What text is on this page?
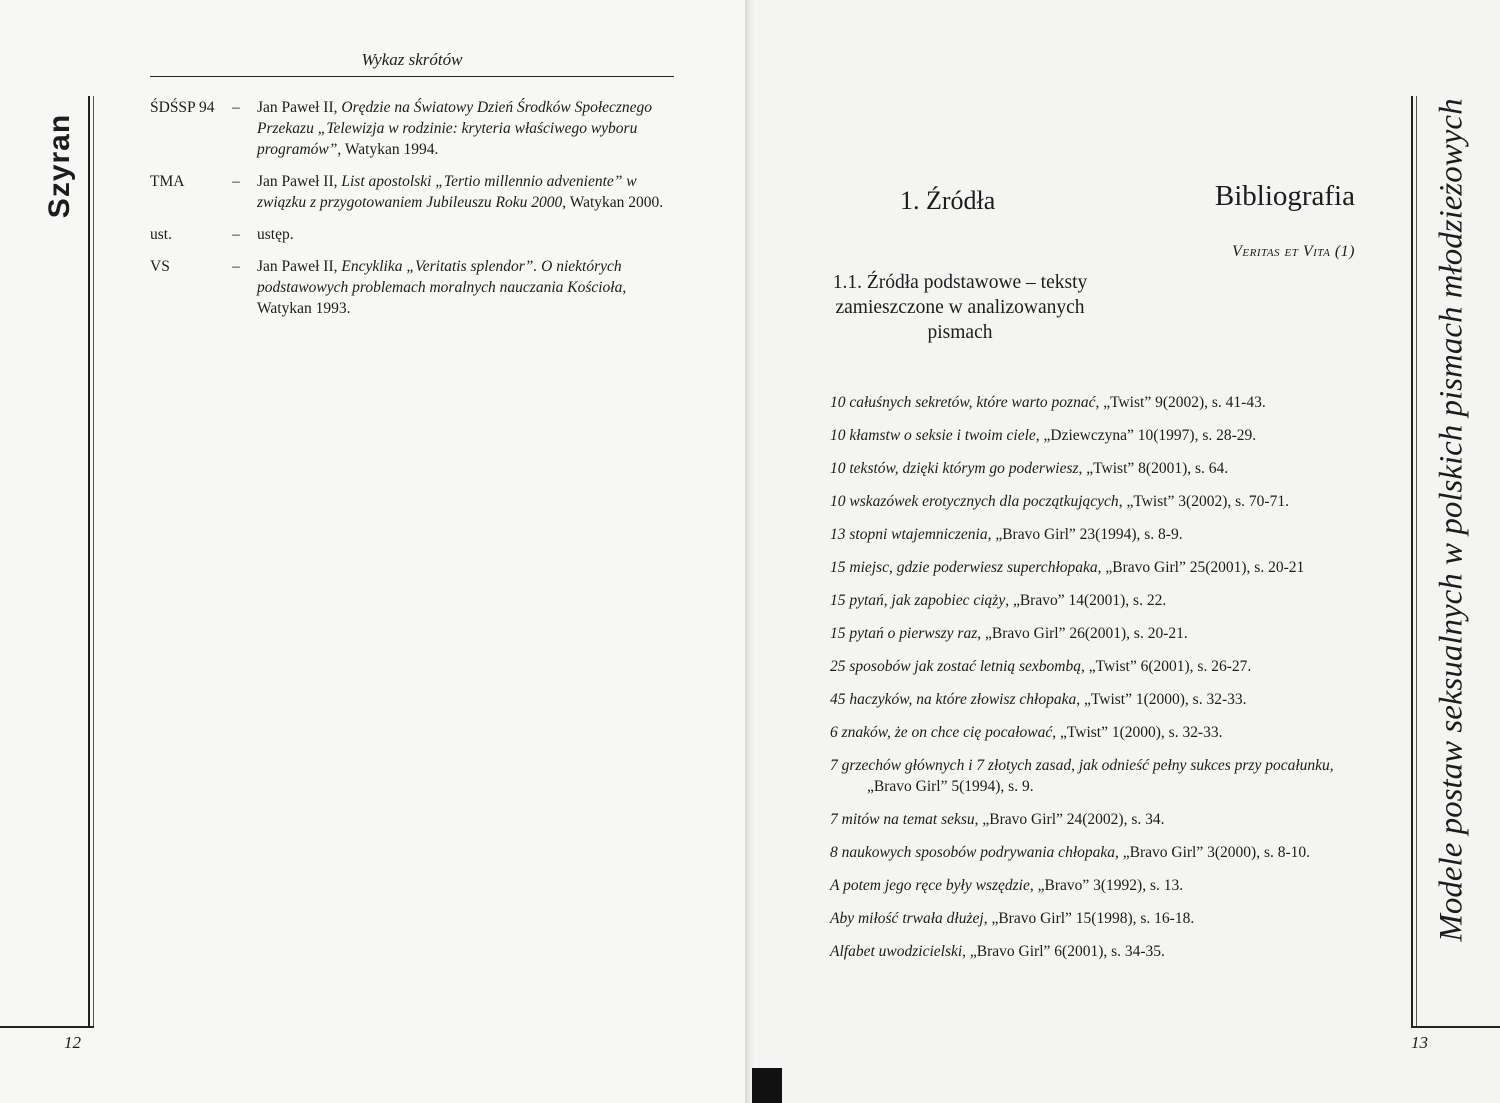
Wykaz skrótów
Szyran
12
ŚDŚSP 94 – Jan Paweł II, Orędzie na Światowy Dzień Środków Społecznego Przekazu „Telewizja w rodzinie: kryteria właściwego wyboru programów”, Watykan 1994.
TMA	– Jan Paweł II, List apostolski „Tertio millennio adveniente” w związku z przygotowaniem Jubileuszu Roku 2000, Watykan 2000.
ust.	– ustęp.
VS	– Jan Paweł II, Encyklika „Veritatis splendor”. O niektórych podstawowych problemach moralnych nauczania Kościoła, Watykan 1993.
13
Modele postaw seksualnych w polskich pismach młodzieżowych
1. Źródła	Bibliografia
Veritas et Vita (1)
1.1. Źródła podstawowe – teksty zamieszczone w analizowanych pismach
10 całuśnych sekretów, które warto poznać, „Twist” 9(2002), s. 41-43.
10 kłamstw o seksie i twoim ciele, „Dziewczyna” 10(1997), s. 28-29.
10 tekstów, dzięki którym go poderwiesz, „Twist” 8(2001), s. 64.
10 wskazówek erotycznych dla początkujących, „Twist” 3(2002), s. 70-71.
13 stopni wtajemniczenia, „Bravo Girl” 23(1994), s. 8-9.
15 miejsc, gdzie poderwiesz superchłopaka, „Bravo Girl” 25(2001), s. 20-21
15 pytań, jak zapobiec ciąży, „Bravo” 14(2001), s. 22.
15 pytań o pierwszy raz, „Bravo Girl” 26(2001), s. 20-21.
25 sposobów jak zostać letnią sexbombą, „Twist” 6(2001), s. 26-27.
45 haczyków, na które złowisz chłopaka, „Twist” 1(2000), s. 32-33.
6 znaków, że on chce cię pocałować, „Twist” 1(2000), s. 32-33.
7 grzechów głównych i 7 złotych zasad, jak odnieść pełny sukces przy pocałunku, „Bravo Girl” 5(1994), s. 9.
7 mitów na temat seksu, „Bravo Girl” 24(2002), s. 34.
8 naukowych sposobów podrywania chłopaka, „Bravo Girl” 3(2000), s. 8-10.
A potem jego ręce były wszędzie, „Bravo” 3(1992), s. 13.
Aby miłość trwała dłużej, „Bravo Girl” 15(1998), s. 16-18.
Alfabet uwodzicielski, „Bravo Girl” 6(2001), s. 34-35.
